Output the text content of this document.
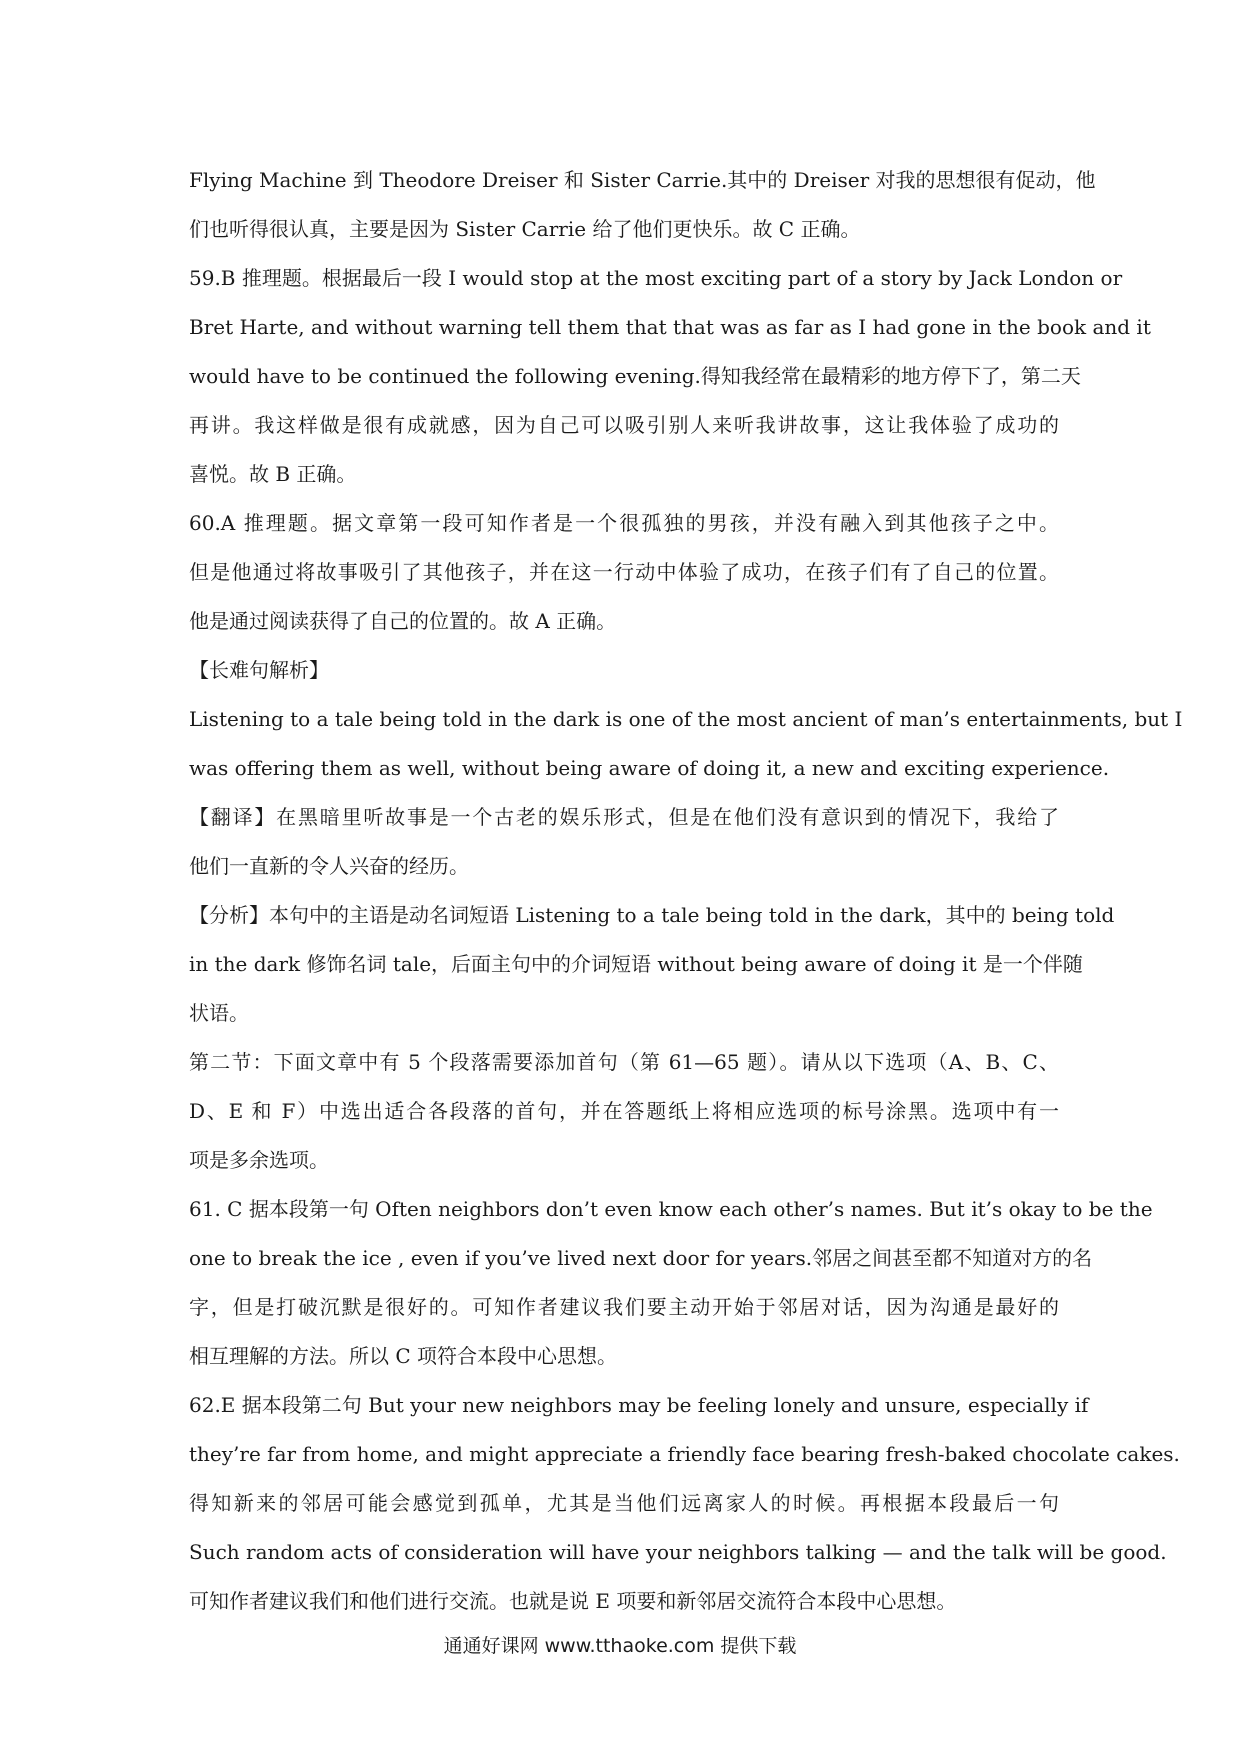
Flying Machine 到 Theodore Dreiser 和 Sister Carrie.其中的 Dreiser 对我的思想很有促动，他
们也听得很认真，主要是因为 Sister Carrie 给了他们更快乐。故 C 正确。
59.B 推理题。根据最后一段 I would stop at the most exciting part of a story by Jack London or
Bret Harte, and without warning tell them that that was as far as I had gone in the book and it
would have to be continued the following evening.得知我经常在最精彩的地方停下了，第二天
再讲。我这样做是很有成就感，因为自己可以吸引别人来听我讲故事，这让我体验了成功的
喜悦。故 B 正确。
60.A 推理题。据文章第一段可知作者是一个很孤独的男孩，并没有融入到其他孩子之中。
但是他通过将故事吸引了其他孩子，并在这一行动中体验了成功，在孩子们有了自己的位置。
他是通过阅读获得了自己的位置的。故 A 正确。
【长难句解析】
Listening to a tale being told in the dark is one of the most ancient of man’s entertainments, but I
was offering them as well, without being aware of doing it, a new and exciting experience.
【翻译】在黑暗里听故事是一个古老的娱乐形式，但是在他们没有意识到的情况下，我给了
他们一直新的令人兴奋的经历。
【分析】本句中的主语是动名词短语 Listening to a tale being told in the dark，其中的 being told
in the dark 修饰名词 tale，后面主句中的介词短语 without being aware of doing it 是一个伴随
状语。
第二节：下面文章中有 5 个段落需要添加首句（第 61—65 题）。请从以下选项（A、B、C、
D、E 和 F）中选出适合各段落的首句，并在答题纸上将相应选项的标号涂黑。选项中有一
项是多余选项。
61. C 据本段第一句 Often neighbors don’t even know each other’s names. But it’s okay to be the
one to break the ice , even if you’ve lived next door for years.邻居之间甚至都不知道对方的名
字，但是打破沉默是很好的。可知作者建议我们要主动开始于邻居对话，因为沟通是最好的
相互理解的方法。所以 C 项符合本段中心思想。
62.E 据本段第二句 But your new neighbors may be feeling lonely and unsure, especially if
they’re far from home, and might appreciate a friendly face bearing fresh-baked chocolate cakes.
得知新来的邻居可能会感觉到孤单，尤其是当他们远离家人的时候。再根据本段最后一句
Such random acts of consideration will have your neighbors talking — and the talk will be good.
可知作者建议我们和他们进行交流。也就是说 E 项要和新邻居交流符合本段中心思想。
通通好课网 www.tthaoke.com 提供下载
